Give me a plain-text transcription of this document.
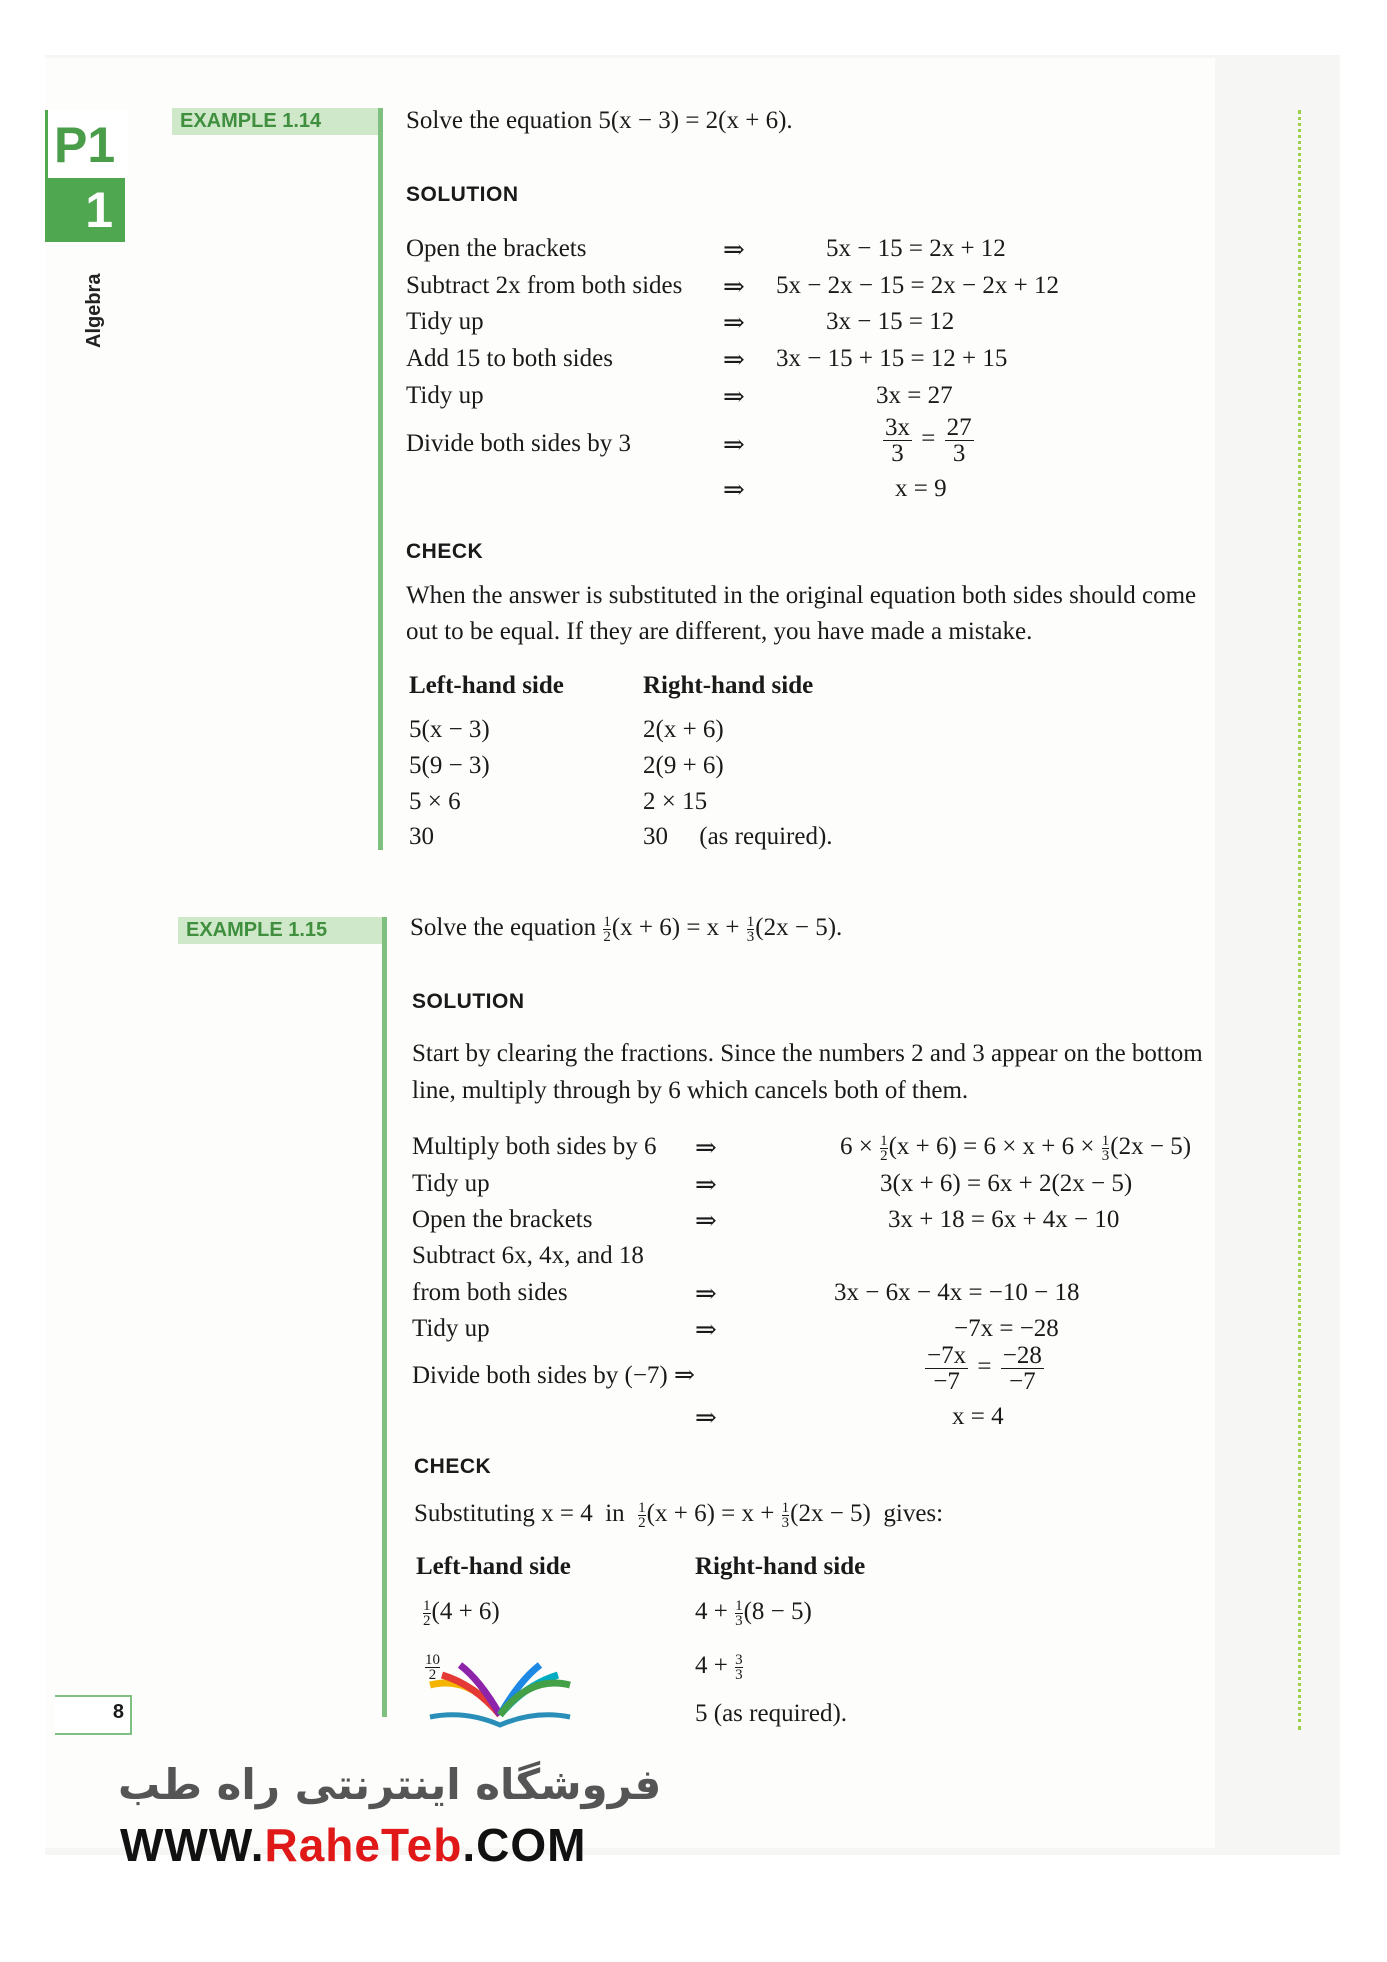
P1
1
Algebra
EXAMPLE 1.14	Solve the equation 5(x − 3) = 2(x + 6).
SOLUTION
Open the brackets	⇒	5x − 15 = 2x + 12
Subtract 2x from both sides ⇒ 5x − 2x − 15 = 2x − 2x + 12
Tidy up	⇒	3x − 15 = 12
Add 15 to both sides	⇒ 3x − 15 + 15 = 12 + 15
Tidy up	⇒	3x = 27
Divide both sides by 3	⇒	$\frac{3x}{3} = \frac{27}{3}$
⇒	x = 9
CHECK
When the answer is substituted in the original equation both sides should come
out to be equal. If they are different, you have made a mistake.
Left-hand side	Right-hand side
5(x − 3)	2(x + 6)
5(9 − 3)	2(9 + 6)
5 × 6	2 × 15
30	30     (as required).
EXAMPLE 1.15	Solve the equation $\frac{1}{2} (x + 6) = x + \frac{1}{3} (2x - 5)$.
SOLUTION
Start by clearing the fractions. Since the numbers 2 and 3 appear on the bottom
line, multiply through by 6 which cancels both of them.
Multiply both sides by 6 ⇒	$6 \times \frac{1}{2} (x + 6) = 6 \times x + 6 \times \frac{1}{3} (2x - 5)$
Tidy up	⇒	3(x + 6) = 6x + 2(2x − 5)
Open the brackets	⇒	3x + 18 = 6x + 4x − 10
Subtract 6x, 4x, and 18
from both sides	⇒	3x − 6x − 4x = −10 − 18
Tidy up	⇒	−7x = −28
Divide both sides by (−7) ⇒	$\frac{-7x}{-7} = \frac{-28}{-7}$
⇒	x = 4
CHECK
Substituting x = 4  in $\frac{1}{2} (x + 6) = x + \frac{1}{3} (2x - 5)$  gives:
Left-hand side	Right-hand side
$\frac{1}{2} (4 + 6)$	$4 + \frac{1}{3} (8 - 5)$
$\frac{10}{2}$	$4 + \frac{3}{3}$
5 (as required).
8
فروشگاه اینترنتی راه طب
WWW.RaheTeb.COM
